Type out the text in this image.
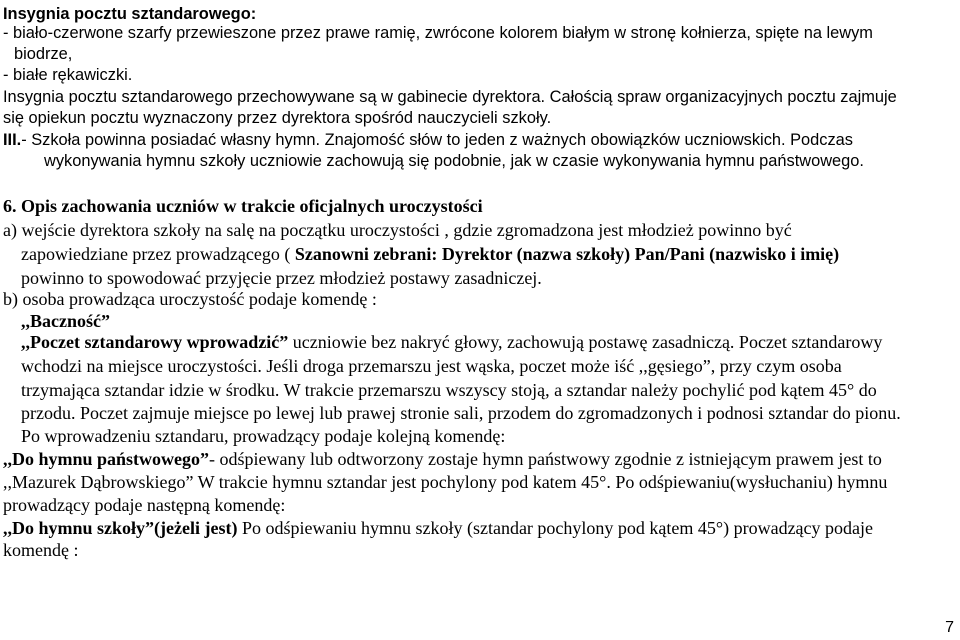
Insygnia pocztu sztandarowego:
- biało-czerwone szarfy przewieszone przez prawe ramię, zwrócone kolorem białym w stronę kołnierza, spięte na lewym
biodrze,
- białe rękawiczki.
Insygnia pocztu sztandarowego przechowywane są w gabinecie dyrektora. Całością spraw organizacyjnych pocztu zajmuje
się opiekun pocztu wyznaczony przez dyrektora spośród nauczycieli szkoły.
III.- Szkoła powinna posiadać własny hymn. Znajomość słów to jeden z ważnych obowiązków uczniowskich. Podczas
wykonywania hymnu szkoły uczniowie zachowują się podobnie, jak w czasie wykonywania hymnu państwowego.
6. Opis zachowania uczniów w trakcie oficjalnych uroczystości
a) wejście dyrektora szkoły na salę na początku uroczystości , gdzie zgromadzona jest młodzież powinno być
zapowiedziane przez prowadzącego ( Szanowni zebrani: Dyrektor (nazwa szkoły) Pan/Pani (nazwisko i imię)
powinno to spowodować przyjęcie przez młodzież postawy zasadniczej.
b) osoba prowadząca uroczystość podaje komendę :
,,Baczność”
,,Poczet sztandarowy wprowadzić” uczniowie bez nakryć głowy, zachowują postawę zasadniczą. Poczet sztandarowy
wchodzi na miejsce uroczystości. Jeśli droga przemarszu jest wąska, poczet może iść ,,gęsiego”, przy czym osoba
trzymająca sztandar idzie w środku. W trakcie przemarszu wszyscy stoją, a sztandar należy pochylić pod kątem 45° do
przodu. Poczet zajmuje miejsce po lewej lub prawej stronie sali, przodem do zgromadzonych i podnosi sztandar do pionu.
Po wprowadzeniu sztandaru, prowadzący podaje kolejną komendę:
,,Do hymnu państwowego”- odśpiewany lub odtworzony zostaje hymn państwowy zgodnie z istniejącym prawem jest to
,,Mazurek Dąbrowskiego” W trakcie hymnu sztandar jest pochylony pod katem 45°. Po odśpiewaniu(wysłuchaniu) hymnu
prowadzący podaje następną komendę:
,,Do hymnu szkoły”(jeżeli jest) Po odśpiewaniu hymnu szkoły (sztandar pochylony pod kątem 45°) prowadzący podaje
komendę :
7
